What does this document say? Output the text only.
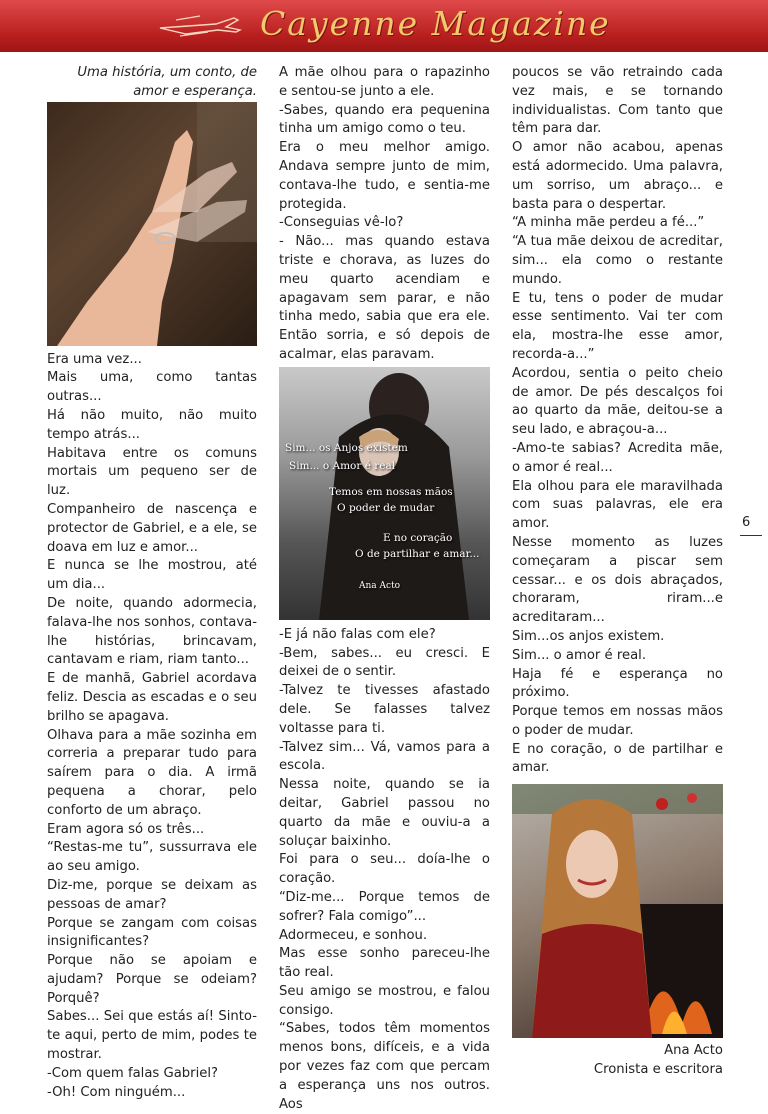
Cayenne Magazine

Uma história, um conto, de amor e esperança.

Era uma vez...

Mais uma, como tantas outras...

Há não muito, não muito tempo atrás...

Habitava entre os comuns mortais um pequeno ser de luz.

Companheiro de nascença e protector de Gabriel, e a ele, se doava em luz e amor...

E nunca se lhe mostrou, até um dia...

De noite, quando adormecia, falava-lhe nos sonhos, contava-lhe histórias, brincavam, cantavam e riam, riam tanto...

E de manhã, Gabriel acordava feliz. Descia as escadas e o seu brilho se apagava.

Olhava para a mãe sozinha em correria a preparar tudo para saírem para o dia. A irmã pequena a chorar, pelo conforto de um abraço.

Eram agora só os três...

“Restas-me tu”, sussurrava ele ao seu amigo.

Diz-me, porque se deixam as pessoas de amar?

Porque se zangam com coisas insignificantes?

Porque não se apoiam e ajudam? Porque se odeiam? Porquê?

Sabes... Sei que estás aí! Sinto-te aqui, perto de mim, podes te mostrar.

-Com quem falas Gabriel?

-Oh! Com ninguém...

A mãe olhou para o rapazinho e sentou-se junto a ele.

-Sabes, quando era pequenina tinha um amigo como o teu.

Era o meu melhor amigo. Andava sempre junto de mim, contava-lhe tudo, e sentia-me protegida.

-Conseguias vê-lo?

- Não... mas quando estava triste e chorava, as luzes do meu quarto acendiam e apagavam sem parar, e não tinha medo, sabia que era ele. Então sorria, e só depois de acalmar, elas paravam.

Sim... os Anjos existem
Sim... o Amor é real
Temos em nossas mãos
O poder de mudar
E no coração
O de partilhar e amar...
Ana Acto

-E já não falas com ele?

-Bem, sabes... eu cresci. E deixei de o sentir.

-Talvez te tivesses afastado dele. Se falasses talvez voltasse para ti.

-Talvez sim... Vá, vamos para a escola.

Nessa noite, quando se ia deitar, Gabriel passou no quarto da mãe e ouviu-a a soluçar baixinho.

Foi para o seu... doía-lhe o coração.

“Diz-me... Porque temos de sofrer? Fala comigo”...

Adormeceu, e sonhou.

Mas esse sonho pareceu-lhe tão real.

Seu amigo se mostrou, e falou consigo.

“Sabes, todos têm momentos menos bons, difíceis, e a vida por vezes faz com que percam a esperança uns nos outros. Aos

poucos se vão retraindo cada vez mais, e se tornando individualistas. Com tanto que têm para dar.

O amor não acabou, apenas está adormecido. Uma palavra, um sorriso, um abraço... e basta para o despertar.

“A minha mãe perdeu a fé...”

“A tua mãe deixou de acreditar, sim... ela como o restante mundo.

E tu, tens o poder de mudar esse sentimento. Vai ter com ela, mostra-lhe esse amor, recorda-a...”

Acordou, sentia o peito cheio de amor. De pés descalços foi ao quarto da mãe, deitou-se a seu lado, e abraçou-a...

-Amo-te sabias? Acredita mãe, o amor é real...

Ela olhou para ele maravilhada com suas palavras, ele era amor.

Nesse momento as luzes começaram a piscar sem cessar... e os dois abraçados, choraram, riram...e acreditaram...

Sim...os anjos existem.

Sim... o amor é real.

Haja fé e esperança no próximo.

Porque temos em nossas mãos o poder de mudar.

E no coração, o de partilhar e amar.

Ana Acto

Cronista e escritora

6
